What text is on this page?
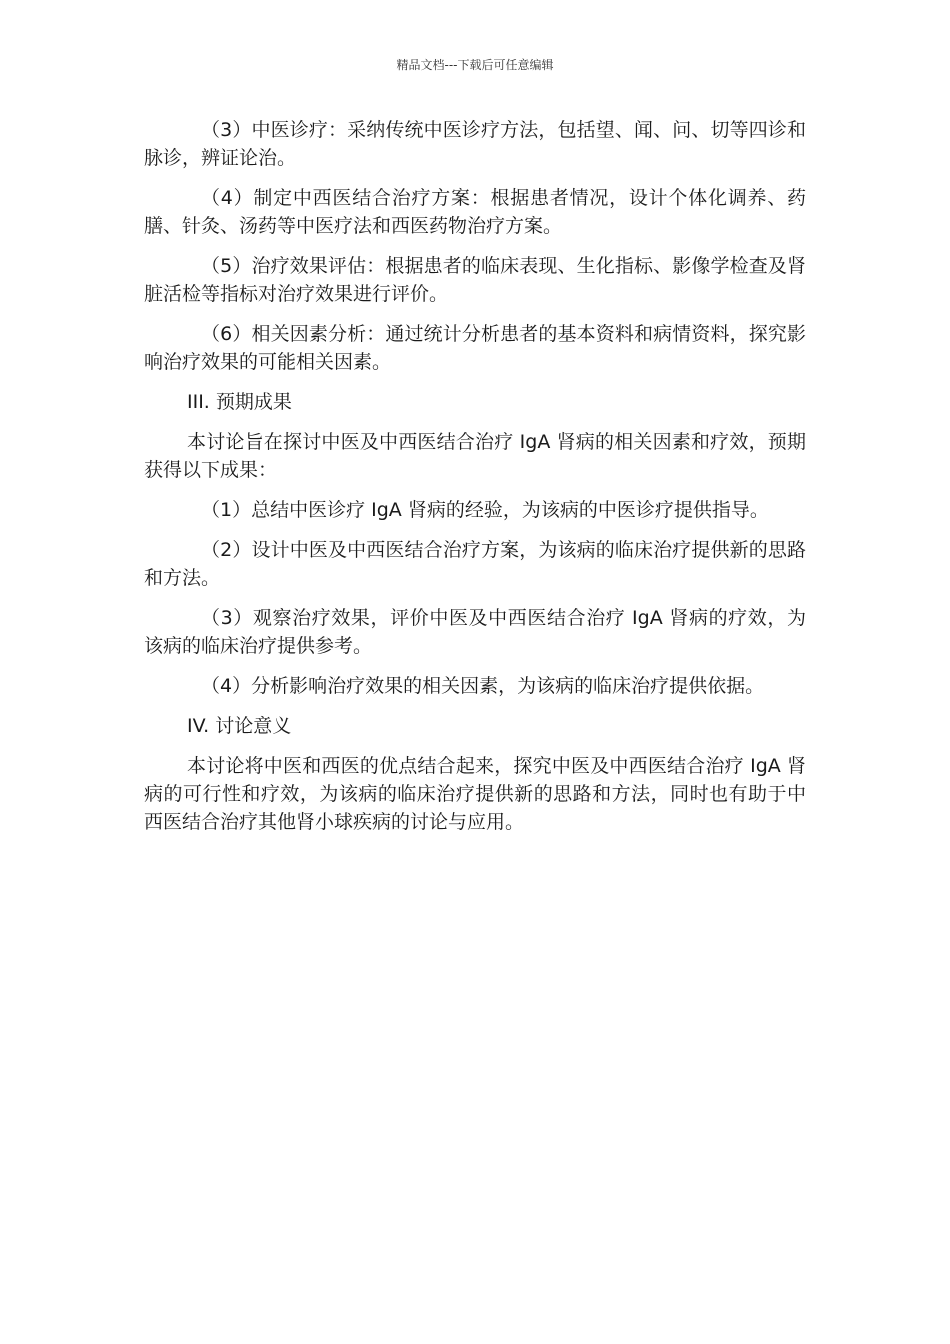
精品文档---下载后可任意编辑

（3）中医诊疗：采纳传统中医诊疗方法，包括望、闻、问、切等四诊和脉诊，辨证论治。

（4）制定中西医结合治疗方案：根据患者情况，设计个体化调养、药膳、针灸、汤药等中医疗法和西医药物治疗方案。

（5）治疗效果评估：根据患者的临床表现、生化指标、影像学检查及肾脏活检等指标对治疗效果进行评价。

（6）相关因素分析：通过统计分析患者的基本资料和病情资料，探究影响治疗效果的可能相关因素。

III. 预期成果

本讨论旨在探讨中医及中西医结合治疗 IgA 肾病的相关因素和疗效，预期获得以下成果：

（1）总结中医诊疗 IgA 肾病的经验，为该病的中医诊疗提供指导。

（2）设计中医及中西医结合治疗方案，为该病的临床治疗提供新的思路和方法。

（3）观察治疗效果，评价中医及中西医结合治疗 IgA 肾病的疗效，为该病的临床治疗提供参考。

（4）分析影响治疗效果的相关因素，为该病的临床治疗提供依据。

IV. 讨论意义

本讨论将中医和西医的优点结合起来，探究中医及中西医结合治疗 IgA 肾病的可行性和疗效，为该病的临床治疗提供新的思路和方法，同时也有助于中西医结合治疗其他肾小球疾病的讨论与应用。
